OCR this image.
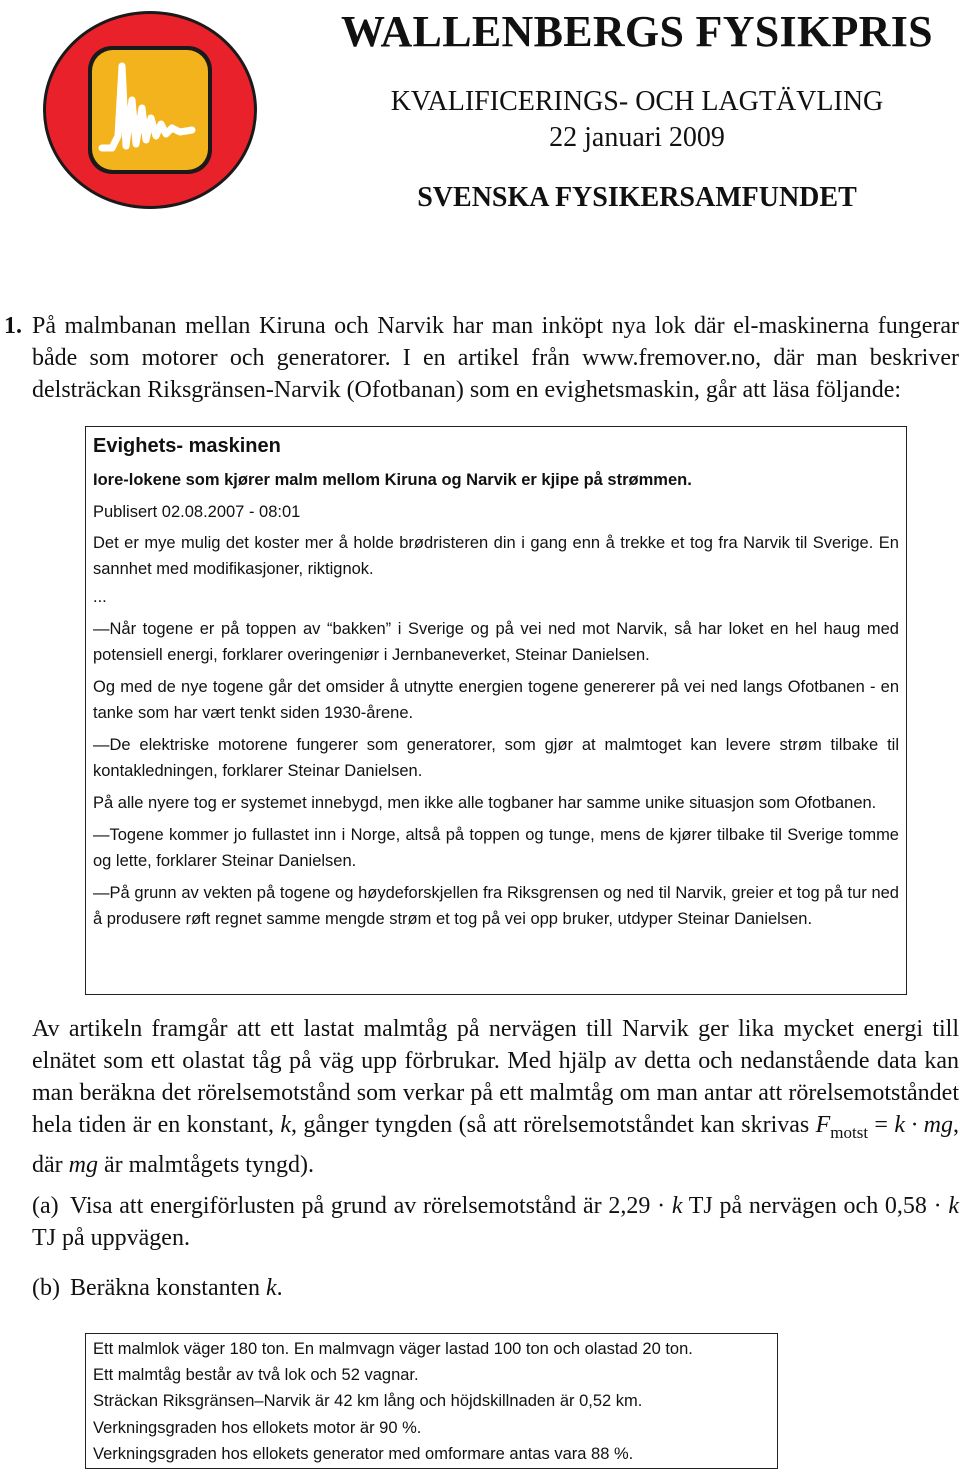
WALLENBERGS FYSIKPRIS
KVALIFICERINGS- OCH LAGTÄVLING
22 januari 2009
SVENSKA FYSIKERSAMFUNDET
1. På malmbanan mellan Kiruna och Narvik har man inköpt nya lok där el-maskinerna fungerar både som motorer och generatorer. I en artikel från www.fremover.no, där man beskriver delsträckan Riksgränsen-Narvik (Ofotbanan) som en evighetsmaskin, går att läsa följande:
Evighets- maskinen
Iore-lokene som kjører malm mellom Kiruna og Narvik er kjipe på strømmen.
Publisert 02.08.2007 - 08:01

Det er mye mulig det koster mer å holde brødristeren din i gang enn å trekke et tog fra Narvik til Sverige. En sannhet med modifikasjoner, riktignok.

...

—Når togene er på toppen av “bakken” i Sverige og på vei ned mot Narvik, så har loket en hel haug med potensiell energi, forklarer overingeniør i Jernbaneverket, Steinar Danielsen.

Og med de nye togene går det omsider å utnytte energien togene genererer på vei ned langs Ofotbanen - en tanke som har vært tenkt siden 1930-årene.

—De elektriske motorene fungerer som generatorer, som gjør at malmtoget kan levere strøm tilbake til kontakledningen, forklarer Steinar Danielsen.

På alle nyere tog er systemet innebygd, men ikke alle togbaner har samme unike situasjon som Ofotbanen.

—Togene kommer jo fullastet inn i Norge, altså på toppen og tunge, mens de kjører tilbake til Sverige tomme og lette, forklarer Steinar Danielsen.

—På grunn av vekten på togene og høydeforskjellen fra Riksgrensen og ned til Narvik, greier et tog på tur ned å produsere røft regnet samme mengde strøm et tog på vei opp bruker, utdyper Steinar Danielsen.

Av artikeln framgår att ett lastat malmtåg på nervägen till Narvik ger lika mycket energi till elnätet som ett olastat tåg på väg upp förbrukar. Med hjälp av detta och nedanstående data kan man beräkna det rörelsemotstånd som verkar på ett malmtåg om man antar att rörelsemotståndet hela tiden är en konstant, k, gånger tyngden (så att rörelsemotståndet kan skrivas $F_{motst} = k$ · mg, där mg är malmtågets tyngd).
(a) Visa att energiförlusten på grund av rörelsemotstånd är 2,29 · k TJ på nervägen och 0,58 · k TJ på uppvägen.
(b) Beräkna konstanten k.
Ett malmlok väger 180 ton. En malmvagn väger lastad 100 ton och olastad 20 ton.
Ett malmtåg består av två lok och 52 vagnar.
Sträckan Riksgränsen–Narvik är 42 km lång och höjdskillnaden är 0,52 km.
Verkningsgraden hos ellokets motor är 90 %.
Verkningsgraden hos ellokets generator med omformare antas vara 88 %.
